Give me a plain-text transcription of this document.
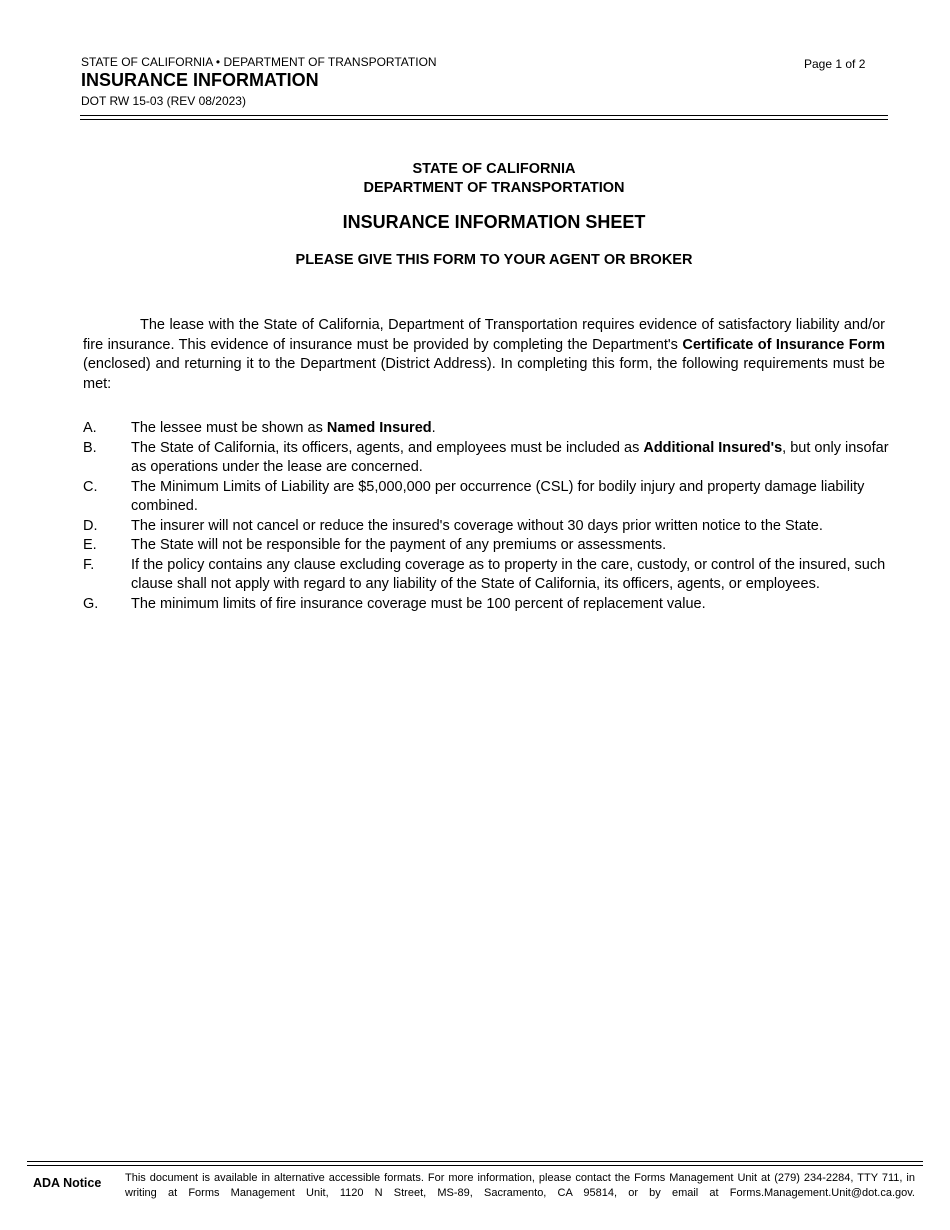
STATE OF CALIFORNIA • DEPARTMENT OF TRANSPORTATION
INSURANCE INFORMATION
DOT RW 15-03 (REV 08/2023)
Page 1 of 2
STATE OF CALIFORNIA
DEPARTMENT OF TRANSPORTATION
INSURANCE INFORMATION SHEET
PLEASE GIVE THIS FORM TO YOUR AGENT OR BROKER

The lease with the State of California, Department of Transportation requires evidence of satisfactory liability and/or fire insurance. This evidence of insurance must be provided by completing the Department's Certificate of Insurance Form (enclosed) and returning it to the Department (District Address). In completing this form, the following requirements must be met:

A.	The lessee must be shown as Named Insured.
B.	The State of California, its officers, agents, and employees must be included as Additional Insured's, but only insofar as operations under the lease are concerned.
C.	The Minimum Limits of Liability are $5,000,000 per occurrence (CSL) for bodily injury and property damage liability combined.
D.	The insurer will not cancel or reduce the insured's coverage without 30 days prior written notice to the State.
E.	The State will not be responsible for the payment of any premiums or assessments.
F.	If the policy contains any clause excluding coverage as to property in the care, custody, or control of the insured, such clause shall not apply with regard to any liability of the State of California, its officers, agents, or employees.
G.	The minimum limits of fire insurance coverage must be 100 percent of replacement value.
ADA Notice This document is available in alternative accessible formats. For more information, please contact the Forms Management Unit at (279) 234-2284, TTY 711, in writing at Forms Management Unit, 1120 N Street, MS-89, Sacramento, CA 95814, or by email at Forms.Management.Unit@dot.ca.gov.
